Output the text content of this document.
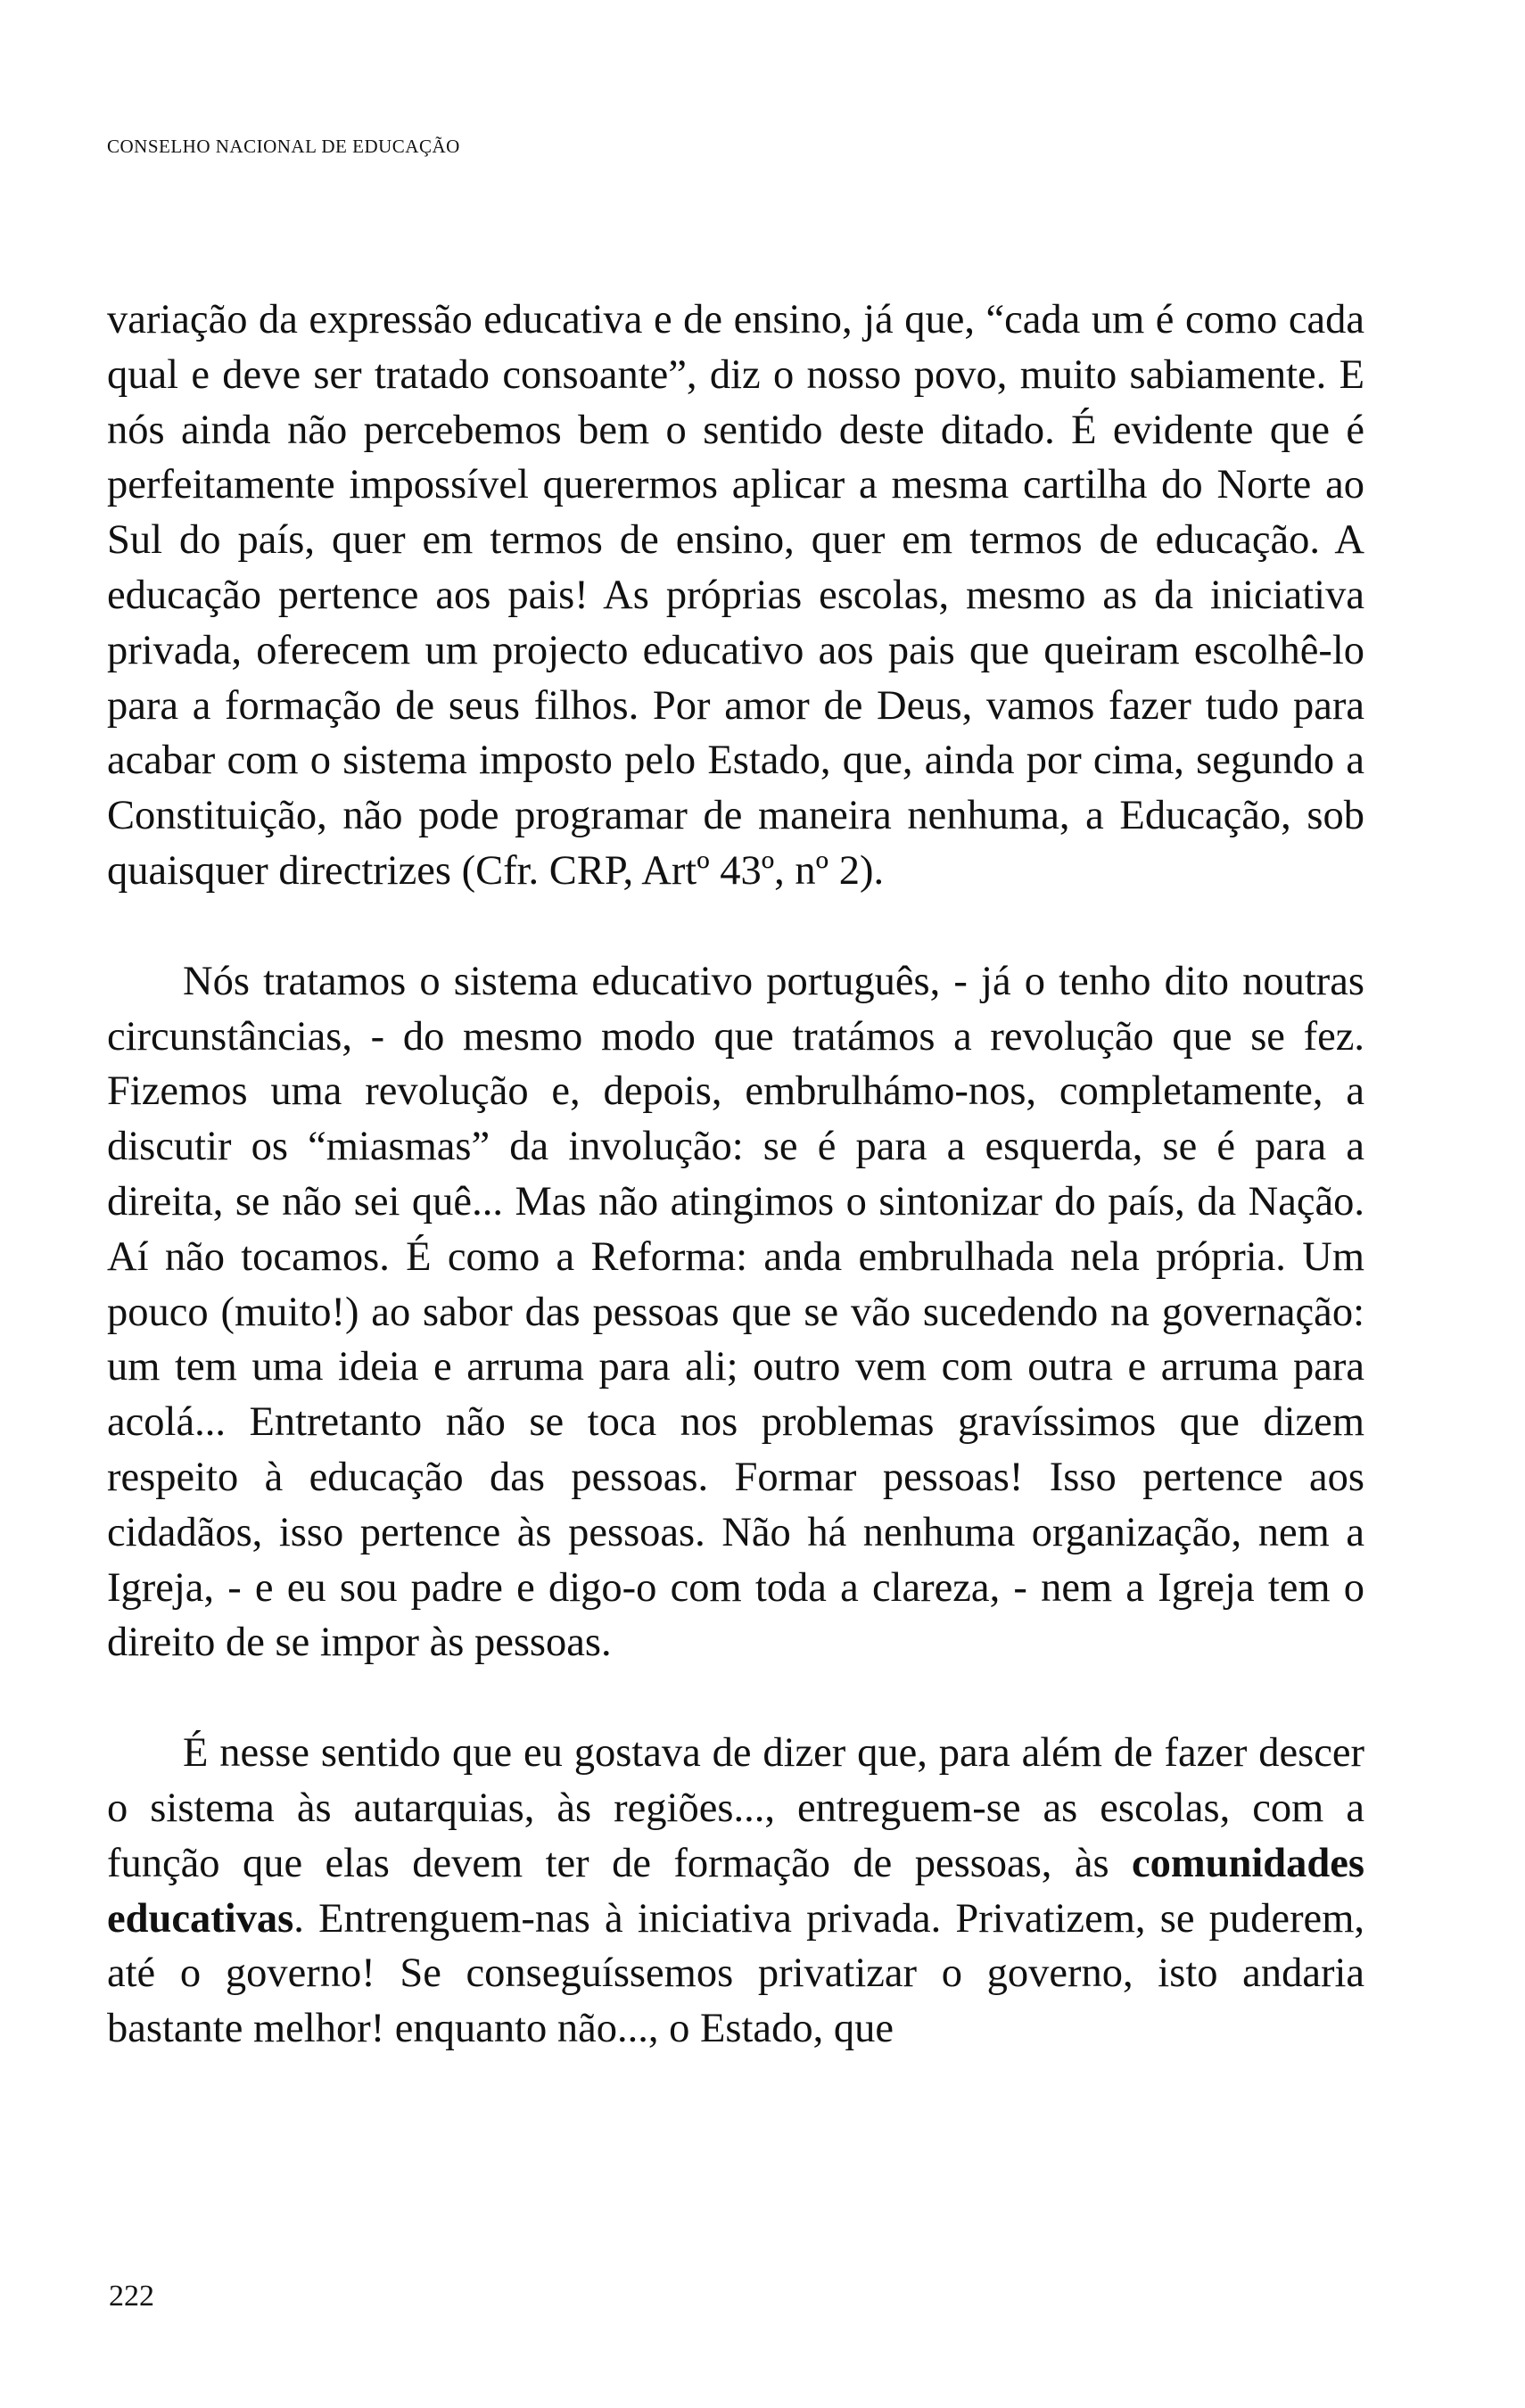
CONSELHO NACIONAL DE EDUCAÇÃO

variação da expressão educativa e de ensino, já que, “cada um é como cada qual e deve ser tratado consoante”, diz o nosso povo, muito sabiamente. E nós ainda não percebemos bem o sentido deste ditado. É evidente que é perfeitamente impossível querermos aplicar a mesma cartilha do Norte ao Sul do país, quer em termos de ensino, quer em termos de educação. A educação pertence aos pais! As próprias escolas, mesmo as da iniciativa privada, oferecem um projecto educativo aos pais que queiram escolhê-lo para a formação de seus filhos. Por amor de Deus, vamos fazer tudo para acabar com o sistema imposto pelo Estado, que, ainda por cima, segundo a Constituição, não pode programar de maneira nenhuma, a Educação, sob quaisquer directrizes (Cfr. CRP, Artº 43º, nº 2).

Nós tratamos o sistema educativo português, - já o tenho dito noutras circunstâncias, - do mesmo modo que tratámos a revolução que se fez. Fizemos uma revolução e, depois, embrulhámo-nos, completamente, a discutir os “miasmas” da involução: se é para a esquerda, se é para a direita, se não sei quê... Mas não atingimos o sintonizar do país, da Nação. Aí não tocamos. É como a Reforma: anda embrulhada nela própria. Um pouco (muito!) ao sabor das pessoas que se vão sucedendo na governação: um tem uma ideia e arruma para ali; outro vem com outra e arruma para acolá... Entretanto não se toca nos problemas gravíssimos que dizem respeito à educação das pessoas. Formar pessoas! Isso pertence aos cidadãos, isso pertence às pessoas. Não há nenhuma organização, nem a Igreja, - e eu sou padre e digo-o com toda a clareza, - nem a Igreja tem o direito de se impor às pessoas.

É nesse sentido que eu gostava de dizer que, para além de fazer descer o sistema às autarquias, às regiões..., entreguem-se as escolas, com a função que elas devem ter de formação de pessoas, às comunidades educativas. Entrenguem-nas à iniciativa privada. Privatizem, se puderem, até o governo! Se conseguíssemos privatizar o governo, isto andaria bastante melhor! enquanto não..., o Estado, que

222
